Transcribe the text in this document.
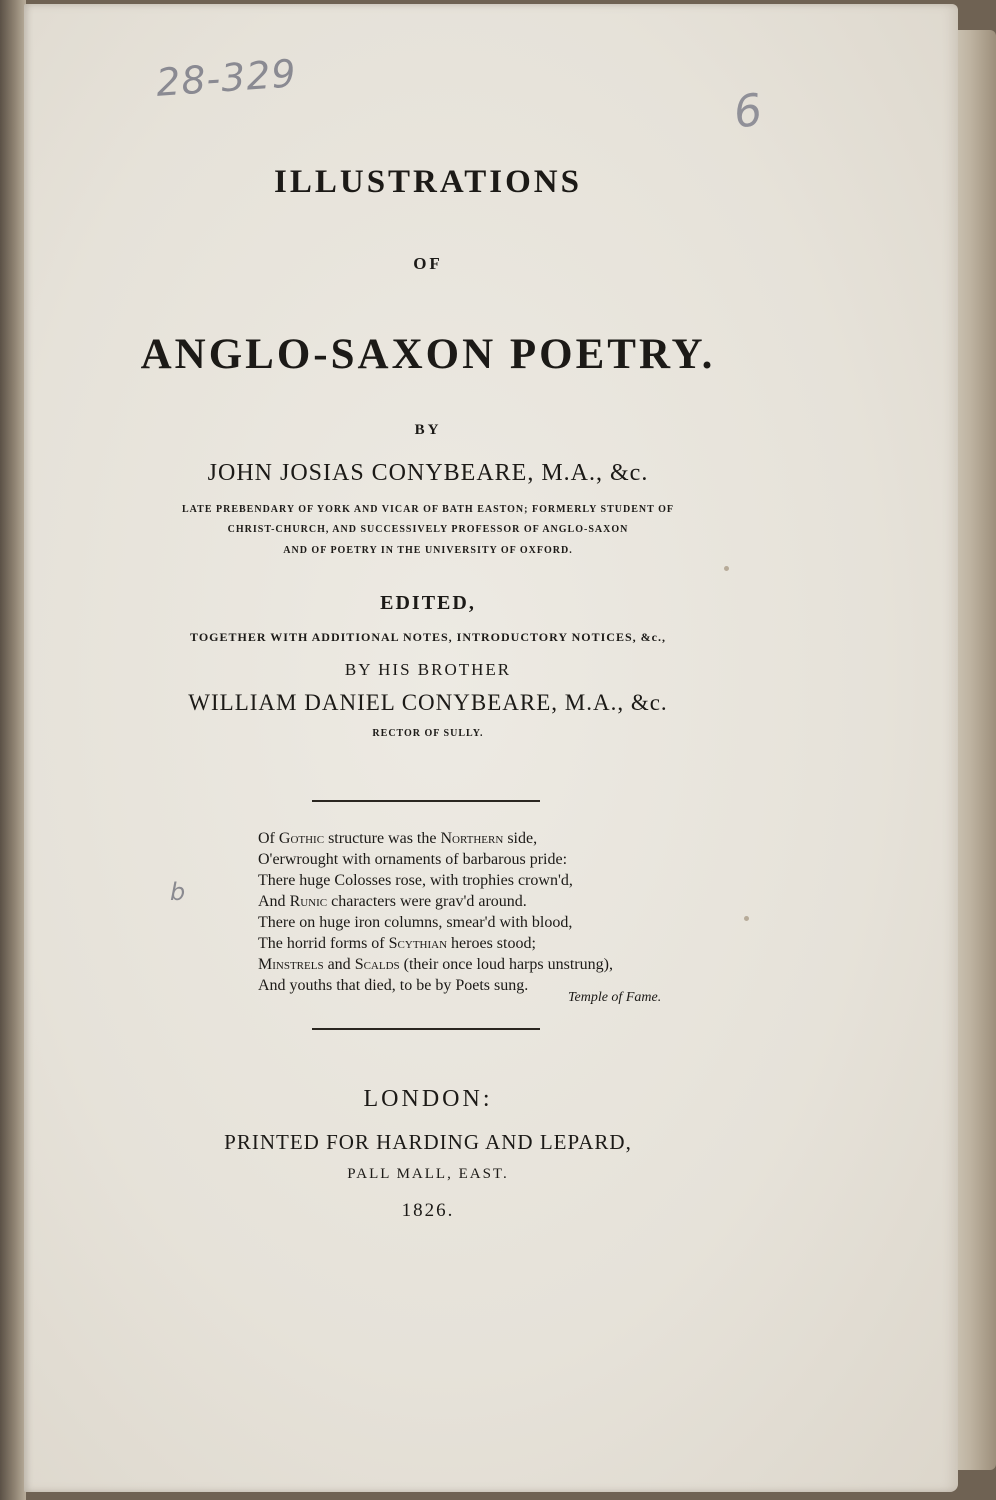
28-329
6
b
ILLUSTRATIONS
OF
ANGLO-SAXON POETRY.
BY
JOHN JOSIAS CONYBEARE, M.A., &c.
LATE PREBENDARY OF YORK AND VICAR OF BATH EASTON; FORMERLY STUDENT OF
CHRIST-CHURCH, AND SUCCESSIVELY PROFESSOR OF ANGLO-SAXON
AND OF POETRY IN THE UNIVERSITY OF OXFORD.
EDITED,
TOGETHER WITH ADDITIONAL NOTES, INTRODUCTORY NOTICES, &c.,
BY HIS BROTHER
WILLIAM DANIEL CONYBEARE, M.A., &c.
RECTOR OF SULLY.
Of Gothic structure was the Northern side,
O'erwrought with ornaments of barbarous pride:
There huge Colosses rose, with trophies crown'd,
And Runic characters were grav'd around.
There on huge iron columns, smear'd with blood,
The horrid forms of Scythian heroes stood;
Minstrels and Scalds (their once loud harps unstrung),
And youths that died, to be by Poets sung.
Temple of Fame.
LONDON:
PRINTED FOR HARDING AND LEPARD,
PALL MALL, EAST.
1826.
